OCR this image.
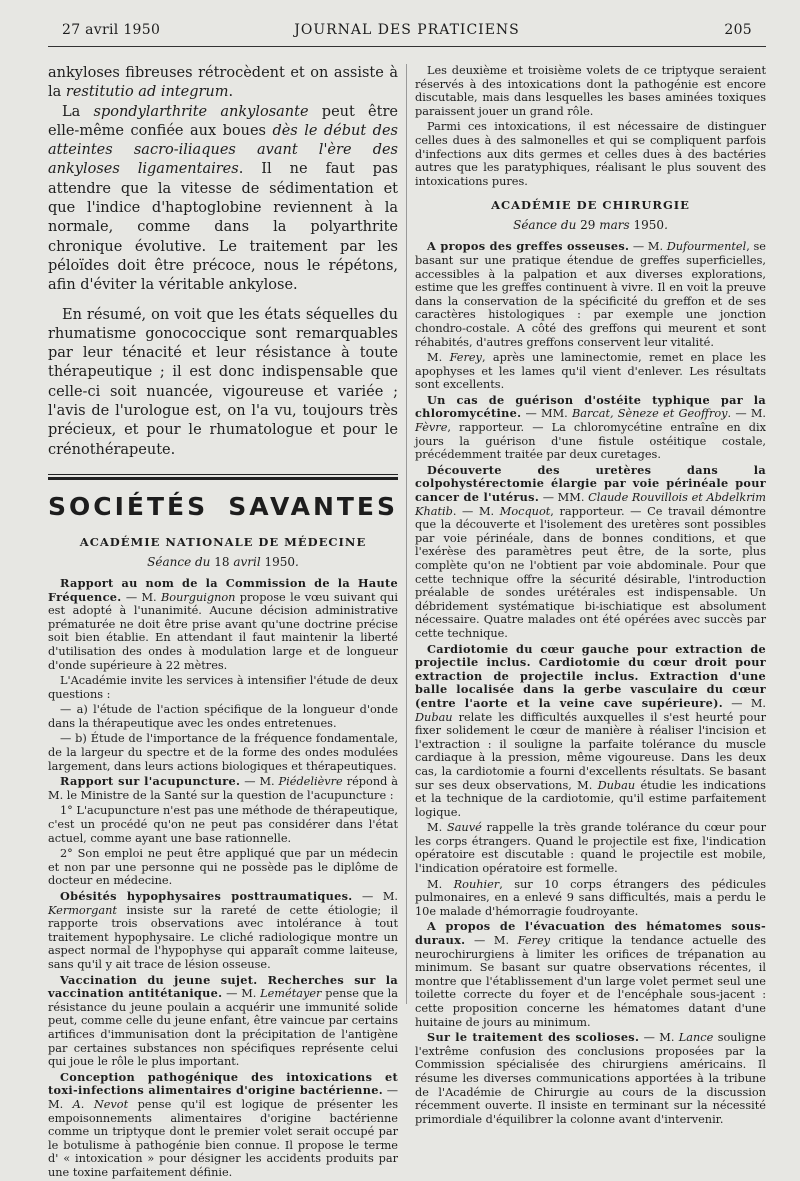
27 avril 1950	JOURNAL DES PRATICIENS	205

ankyloses fibreuses rétrocèdent et on assiste à la restitutio ad integrum.

La spondylarthrite ankylosante peut être elle-même confiée aux boues dès le début des atteintes sacro-iliaques avant l'ère des ankyloses ligamentaires. Il ne faut pas attendre que la vitesse de sédimentation et que l'indice d'haptoglobine reviennent à la normale, comme dans la polyarthrite chronique évolutive. Le traitement par les péloïdes doit être précoce, nous le répétons, afin d'éviter la véritable ankylose.

En résumé, on voit que les états séquelles du rhumatisme gonococcique sont remarquables par leur ténacité et leur résistance à toute thérapeutique ; il est donc indispensable que celle-ci soit nuancée, vigoureuse et variée ; l'avis de l'urologue est, on l'a vu, toujours très précieux, et pour le rhumatologue et pour le crénothérapeute.

SOCIÉTÉS SAVANTES
ACADÉMIE NATIONALE DE MÉDECINE
Séance du 18 avril 1950.

Rapport au nom de la Commission de la Haute Fréquence. — M. Bourguignon propose le vœu suivant qui est adopté à l'unanimité. Aucune décision administrative prématurée ne doit être prise avant qu'une doctrine précise soit bien établie. En attendant il faut maintenir la liberté d'utilisation des ondes à modulation large et de longueur d'onde supérieure à 22 mètres.

L'Académie invite les services à intensifier l'étude de deux questions :

— a) l'étude de l'action spécifique de la longueur d'onde dans la thérapeutique avec les ondes entretenues.

— b) Étude de l'importance de la fréquence fondamentale, de la largeur du spectre et de la forme des ondes modulées largement, dans leurs actions biologiques et thérapeutiques.

Rapport sur l'acupuncture. — M. Piédelièvre répond à M. le Ministre de la Santé sur la question de l'acupuncture :

1° L'acupuncture n'est pas une méthode de thérapeutique, c'est un procédé qu'on ne peut pas considérer dans l'état actuel, comme ayant une base rationnelle.

2° Son emploi ne peut être appliqué que par un médecin et non par une personne qui ne possède pas le diplôme de docteur en médecine.

Obésités hypophysaires posttraumatiques. — M. Kermorgant insiste sur la rareté de cette étiologie; il rapporte trois observations avec intolérance à tout traitement hypophysaire. Le cliché radiologique montre un aspect normal de l'hypophyse qui apparaît comme laiteuse, sans qu'il y ait trace de lésion osseuse.

Vaccination du jeune sujet. Recherches sur la vaccination antitétanique. — M. Lemétayer pense que la résistance du jeune poulain a acquérir une immunité solide peut, comme celle du jeune enfant, être vaincue par certains artifices d'immunisation dont la précipitation de l'antigène par certaines substances non spécifiques représente celui qui joue le rôle le plus important.

Conception pathogénique des intoxications et toxi-infections alimentaires d'origine bactérienne. — M. A. Nevot pense qu'il est logique de présenter les empoisonnements alimentaires d'origine bactérienne comme un triptyque dont le premier volet serait occupé par le botulisme à pathogénie bien connue. Il propose le terme d' « intoxication » pour désigner les accidents produits par une toxine parfaitement définie.

Les deuxième et troisième volets de ce triptyque seraient réservés à des intoxications dont la pathogénie est encore discutable, mais dans lesquelles les bases aminées toxiques paraissent jouer un grand rôle.

Parmi ces intoxications, il est nécessaire de distinguer celles dues à des salmonelles et qui se compliquent parfois d'infections aux dits germes et celles dues à des bactéries autres que les paratyphiques, réalisant le plus souvent des intoxications pures.

ACADÉMIE DE CHIRURGIE
Séance du 29 mars 1950.

A propos des greffes osseuses. — M. Dufourmentel, se basant sur une pratique étendue de greffes superficielles, accessibles à la palpation et aux diverses explorations, estime que les greffes continuent à vivre. Il en voit la preuve dans la conservation de la spécificité du greffon et de ses caractères histologiques : par exemple une jonction chondro-costale. A côté des greffons qui meurent et sont réhabités, d'autres greffons conservent leur vitalité.

M. Ferey, après une laminectomie, remet en place les apophyses et les lames qu'il vient d'enlever. Les résultats sont excellents.

Un cas de guérison d'ostéite typhique par la chloromycétine. — MM. Barcat, Sèneze et Geoffroy. — M. Fèvre, rapporteur. — La chloromycétine entraîne en dix jours la guérison d'une fistule ostéitique costale, précédemment traitée par deux curetages.

Découverte des uretères dans la colpohystérectomie élargie par voie périnéale pour cancer de l'utérus. — MM. Claude Rouvillois et Abdelkrim Khatib. — M. Mocquot, rapporteur. — Ce travail démontre que la découverte et l'isolement des uretères sont possibles par voie périnéale, dans de bonnes conditions, et que l'exérèse des paramètres peut être, de la sorte, plus complète qu'on ne l'obtient par voie abdominale. Pour que cette technique offre la sécurité désirable, l'introduction préalable de sondes urétérales est indispensable. Un débridement systématique bi-ischiatique est absolument nécessaire. Quatre malades ont été opérées avec succès par cette technique.

Cardiotomie du cœur gauche pour extraction de projectile inclus. Cardiotomie du cœur droit pour extraction de projectile inclus. Extraction d'une balle localisée dans la gerbe vasculaire du cœur (entre l'aorte et la veine cave supérieure). — M. Dubau relate les difficultés auxquelles il s'est heurté pour fixer solidement le cœur de manière à réaliser l'incision et l'extraction : il souligne la parfaite tolérance du muscle cardiaque à la pression, même vigoureuse. Dans les deux cas, la cardiotomie a fourni d'excellents résultats. Se basant sur ses deux observations, M. Dubau étudie les indications et la technique de la cardiotomie, qu'il estime parfaitement logique.

M. Sauvé rappelle la très grande tolérance du cœur pour les corps étrangers. Quand le projectile est fixe, l'indication opératoire est discutable : quand le projectile est mobile, l'indication opératoire est formelle.

M. Rouhier, sur 10 corps étrangers des pédicules pulmonaires, en a enlevé 9 sans difficultés, mais a perdu le 10e malade d'hémorragie foudroyante.

A propos de l'évacuation des hématomes sous-duraux. — M. Ferey critique la tendance actuelle des neurochirurgiens à limiter les orifices de trépanation au minimum. Se basant sur quatre observations récentes, il montre que l'établissement d'un large volet permet seul une toilette correcte du foyer et de l'encéphale sous-jacent : cette proposition concerne les hématomes datant d'une huitaine de jours au minimum.

Sur le traitement des scolioses. — M. Lance souligne l'extrême confusion des conclusions proposées par la Commission spécialisée des chirurgiens américains. Il résume les diverses communications apportées à la tribune de l'Académie de Chirurgie au cours de la discussion récemment ouverte. Il insiste en terminant sur la nécessité primordiale d'équilibrer la colonne avant d'intervenir.
